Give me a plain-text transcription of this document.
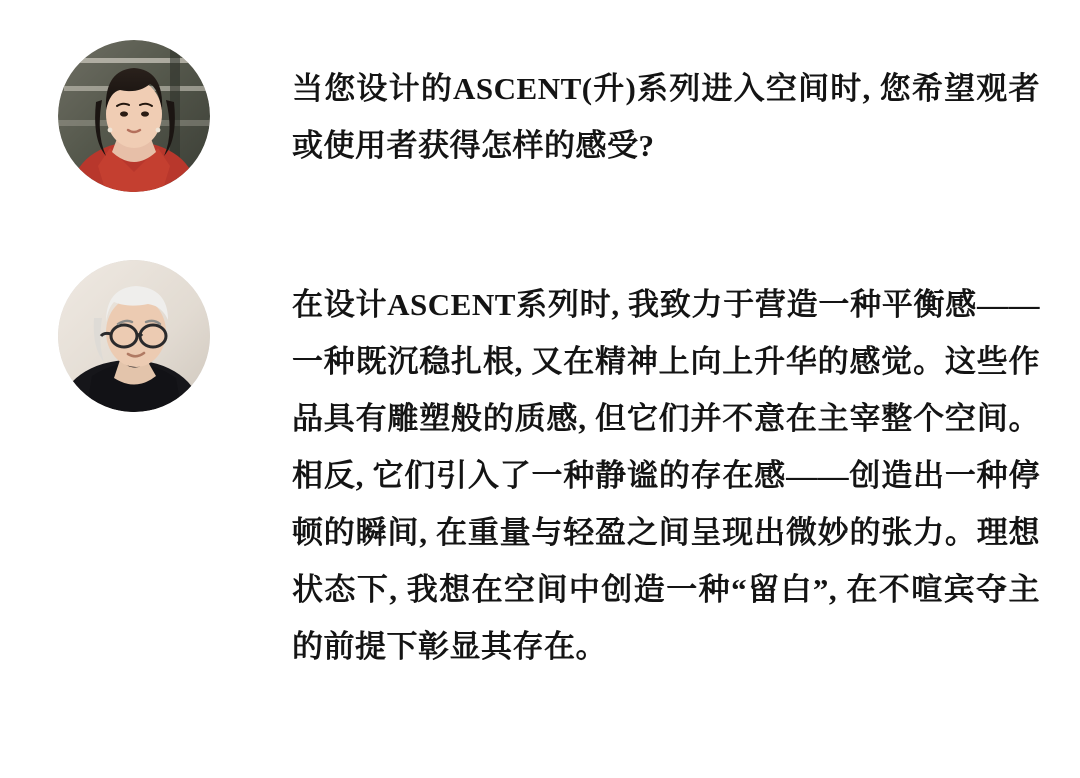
当您设计的ASCENT(升)系列进入空间时, 您希望观者或使用者获得怎样的感受?
在设计ASCENT系列时, 我致力于营造一种平衡感——一种既沉稳扎根, 又在精神上向上升华的感觉。这些作品具有雕塑般的质感, 但它们并不意在主宰整个空间。相反, 它们引入了一种静谧的存在感——创造出一种停顿的瞬间, 在重量与轻盈之间呈现出微妙的张力。理想状态下, 我想在空间中创造一种“留白”, 在不喧宾夺主的前提下彰显其存在。
